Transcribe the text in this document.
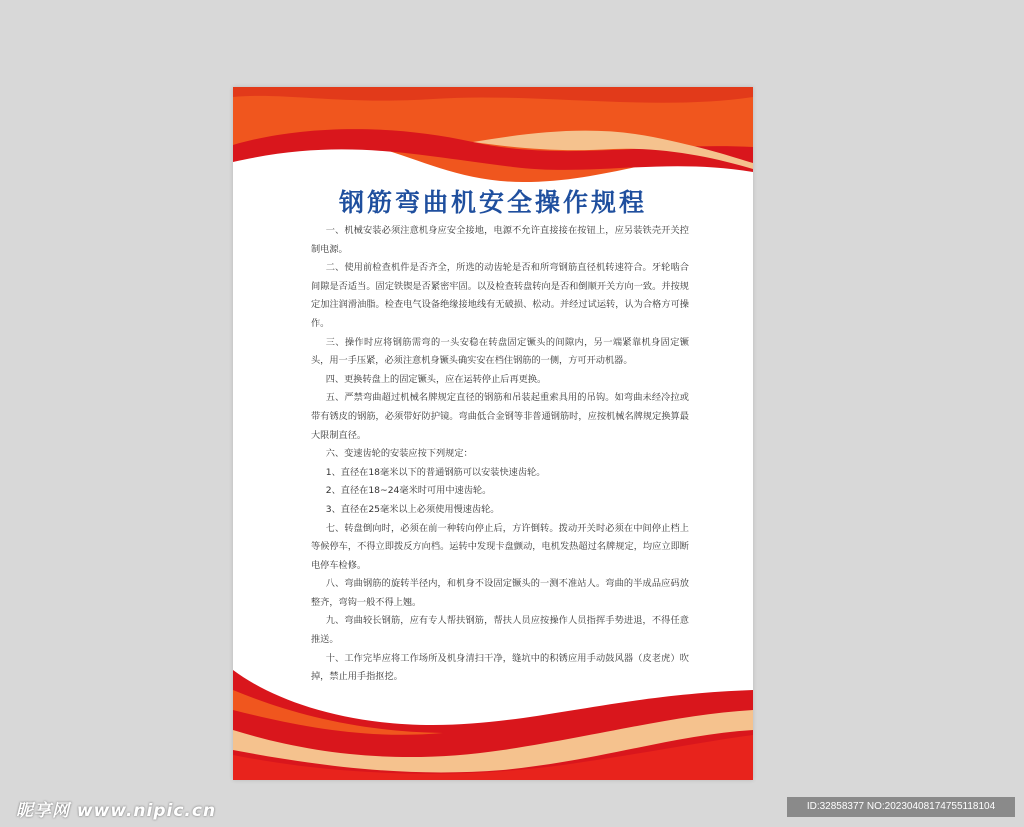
钢筋弯曲机安全操作规程

一、机械安装必须注意机身应安全接地，电源不允许直接接在按钮上，应另装铁壳开关控制电源。

二、使用前检查机件是否齐全，所选的动齿轮是否和所弯钢筋直径机转速符合。牙轮啮合间隙是否适当。固定铁锲是否紧密牢固。以及检查转盘转向是否和倒顺开关方向一致。并按规定加注润滑油脂。检查电气设备绝缘接地线有无破损、松动。并经过试运转，认为合格方可操作。

三、操作时应将钢筋需弯的一头安稳在转盘固定镢头的间隙内，另一端紧靠机身固定镢头，用一手压紧，必须注意机身镢头确实安在档住钢筋的一侧，方可开动机器。

四、更换转盘上的固定镢头，应在运转停止后再更换。

五、严禁弯曲超过机械名牌规定直径的钢筋和吊装起重索具用的吊钩。如弯曲未经冷拉或带有锈皮的钢筋，必须带好防护镜。弯曲低合金钢等非普通钢筋时，应按机械名牌规定换算最大限制直径。

六、变速齿轮的安装应按下列规定：

1、直径在18毫米以下的普通钢筋可以安装快速齿轮。

2、直径在18~24毫米时可用中速齿轮。

3、直径在25毫米以上必须使用慢速齿轮。

七、转盘倒向时，必须在前一种转向停止后，方许倒转。拨动开关时必须在中间停止档上等候停车，不得立即拨反方向档。运转中发现卡盘颤动，电机发热超过名牌规定，均应立即断电停车检修。

八、弯曲钢筋的旋转半径内，和机身不设固定镢头的一测不准站人。弯曲的半成品应码放整齐，弯钩一般不得上翘。

九、弯曲较长钢筋，应有专人帮扶钢筋，帮扶人员应按操作人员指挥手势进退，不得任意推送。

十、工作完毕应将工作场所及机身清扫干净，缝坑中的积锈应用手动鼓风器（皮老虎）吹掉，禁止用手指抠挖。

昵享网 www.nipic.cn	ID:32858377 NO:20230408174755118104
